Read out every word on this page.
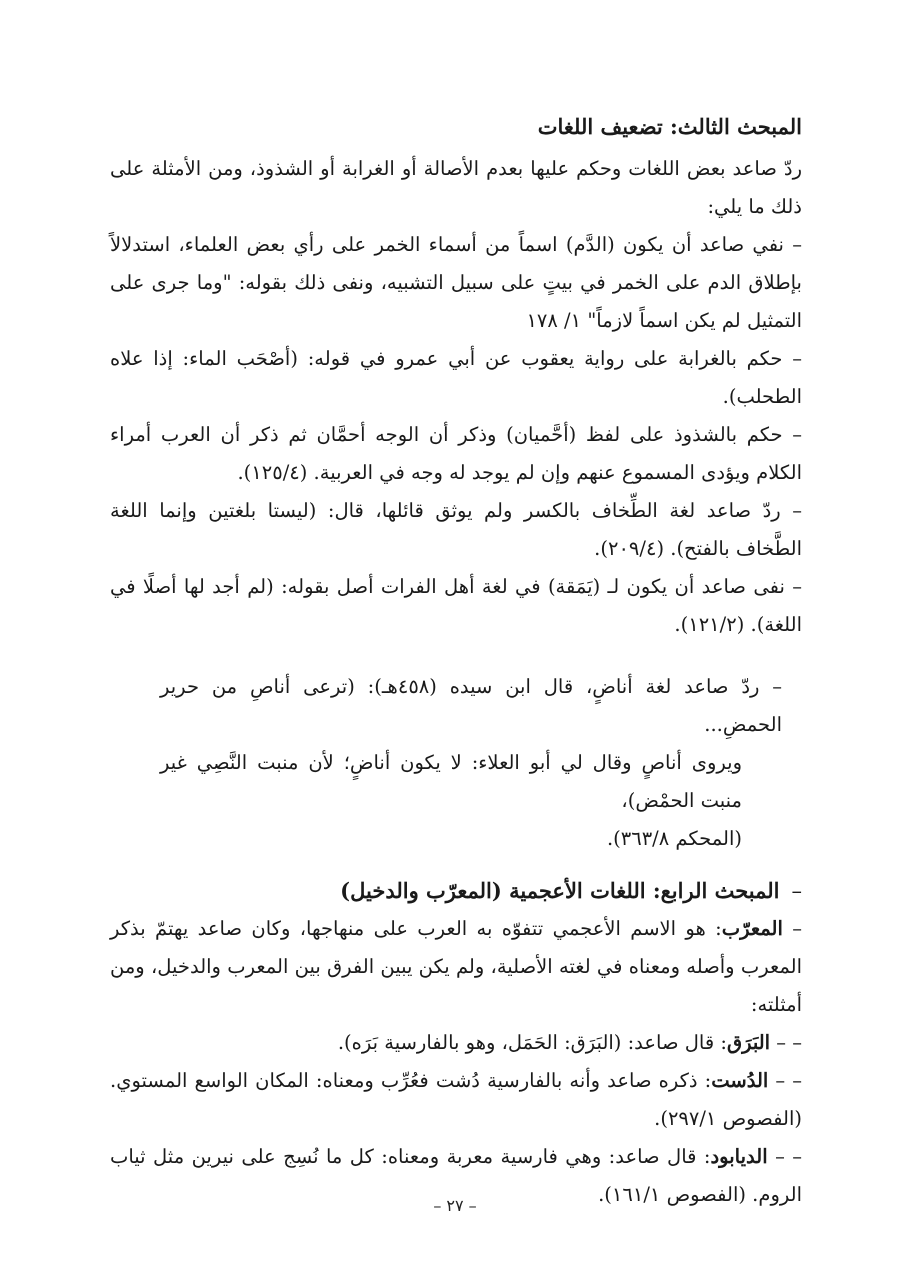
المبحث الثالث: تضعيف اللغات

ردّ صاعد بعض اللغات وحكم عليها بعدم الأصالة أو الغرابة أو الشذوذ، ومن الأمثلة على ذلك ما يلي:

– نفي صاعد أن يكون (الدَّم) اسماً من أسماء الخمر على رأي بعض العلماء، استدلالاً بإطلاق الدم على الخمر في بيتٍ على سبيل التشبيه، ونفى ذلك بقوله: "وما جرى على التمثيل لم يكن اسماً لازماً" ١/ ١٧٨

– حكم بالغرابة على رواية يعقوب عن أبي عمرو في قوله: (أصْحَب الماء: إذا علاه الطحلب).

– حكم بالشذوذ على لفظ (أحَّميان) وذكر أن الوجه أحمَّان ثم ذكر أن العرب أمراء الكلام ويؤدى المسموع عنهم وإن لم يوجد له وجه في العربية. (١٢٥/٤).

– ردّ صاعد لغة الطِّخاف بالكسر ولم يوثق قائلها، قال: (ليستا بلغتين وإنما اللغة الطَّخاف بالفتح). (٢٠٩/٤).

– نفى صاعد أن يكون لـ (يَمَقة) في لغة أهل الفرات أصل بقوله: (لم أجد لها أصلًا في اللغة). (١٢١/٢).

– ردّ صاعد لغة أناضٍ، قال ابن سيده (٤٥٨هـ): (ترعى أناصِ من حرير الحمضِ...

ويروى أناصٍ وقال لي أبو العلاء: لا يكون أناضٍ؛ لأن منبت النَّصِي غير منبت الحمْض)،

(المحكم ٣٦٣/٨).

–المبحث الرابع: اللغات الأعجمية (المعرّب والدخيل)

– المعرّب: هو الاسم الأعجمي تتفوّه به العرب على منهاجها، وكان صاعد يهتمّ بذكر المعرب وأصله ومعناه في لغته الأصلية، ولم يكن يبين الفرق بين المعرب والدخيل، ومن أمثلته:

– – البَرَق: قال صاعد: (البَرَق: الحَمَل، وهو بالفارسية بَرَه).

– – الدُست: ذكره صاعد وأنه بالفارسية دُشت فعُرِّب ومعناه: المكان الواسع المستوي. (الفصوص ٢٩٧/١).

– – الديابود: قال صاعد: وهي فارسية معربة ومعناه: كل ما نُسِج على نيرين مثل ثياب الروم. (الفصوص ١٦١/١).

– ٢٧ –
